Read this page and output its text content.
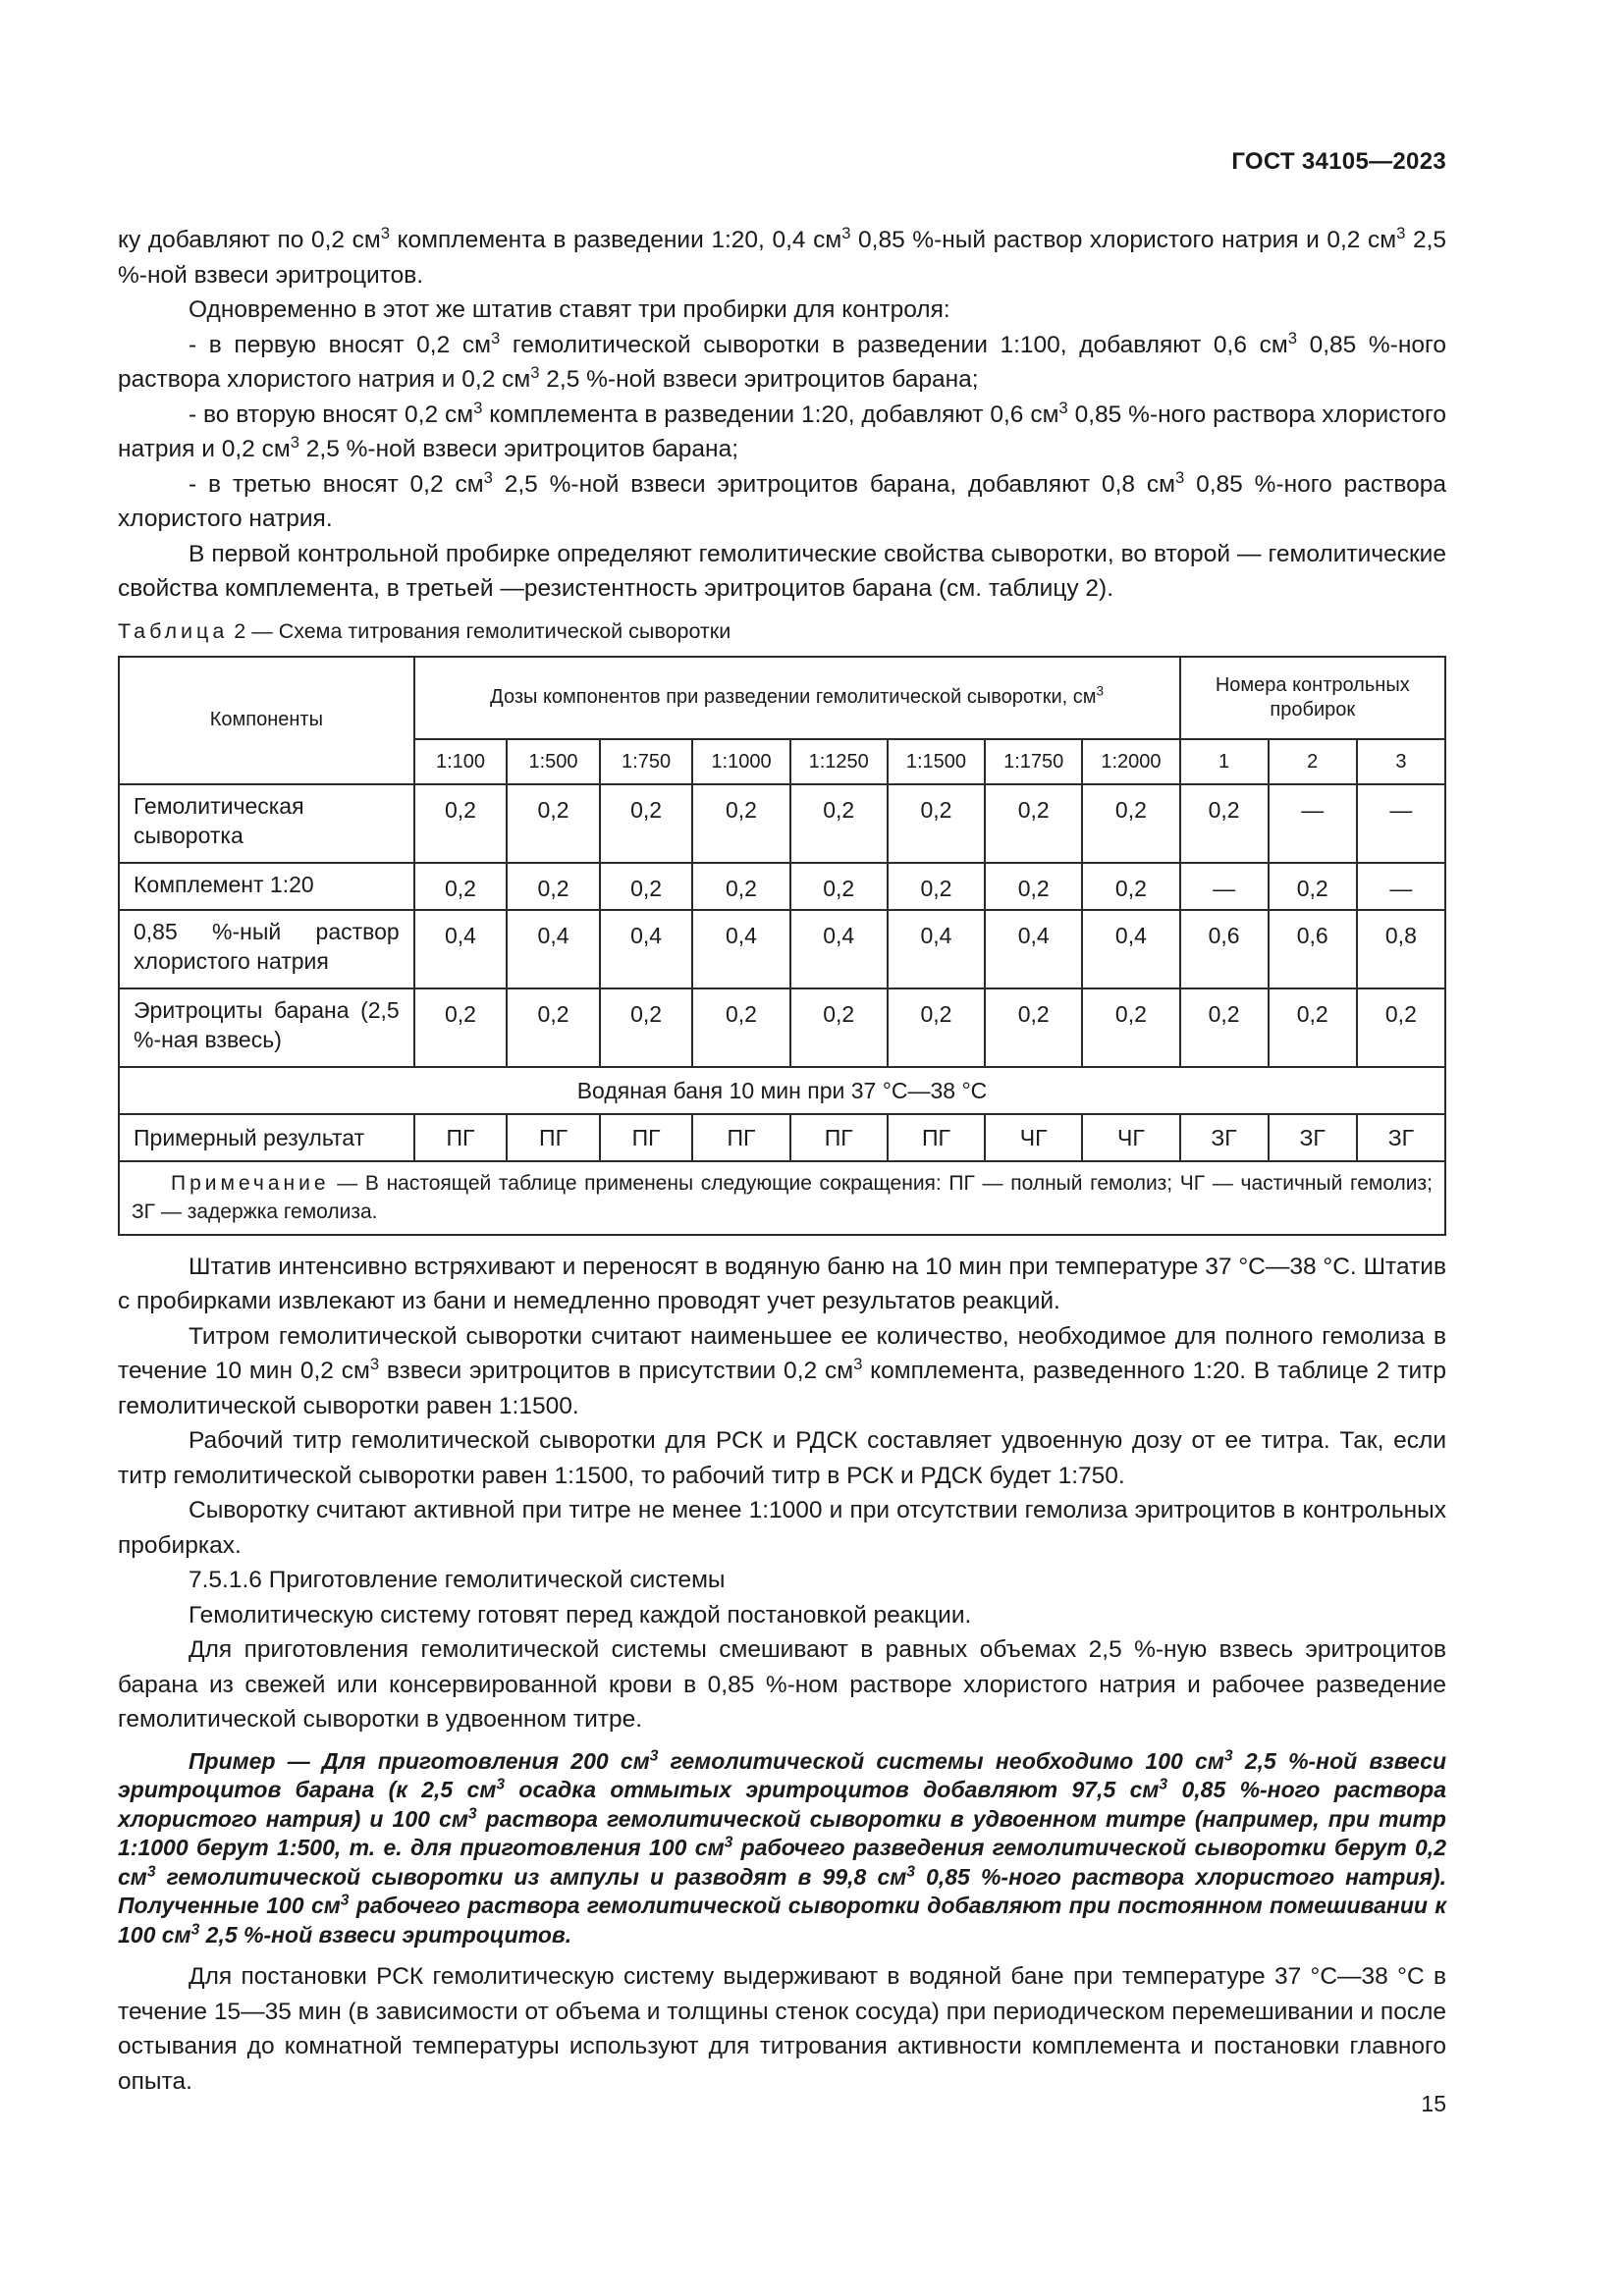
ГОСТ 34105—2023

ку добавляют по 0,2 $см^3$ комплемента в разведении 1:20, 0,4 $см^3$ 0,85 %-ный раствор хлористого натрия и 0,2 $см^3$ 2,5 %-ной взвеси эритроцитов.

Одновременно в этот же штатив ставят три пробирки для контроля:

- в первую вносят 0,2 $см^3$ гемолитической сыворотки в разведении 1:100, добавляют 0,6 $см^3$ 0,85 %-ного раствора хлористого натрия и 0,2 $см^3$ 2,5 %-ной взвеси эритроцитов барана;

- во вторую вносят 0,2 $см^3$ комплемента в разведении 1:20, добавляют 0,6 $см^3$ 0,85 %-ного раствора хлористого натрия и 0,2 $см^3$ 2,5 %-ной взвеси эритроцитов барана;

- в третью вносят 0,2 $см^3$ 2,5 %-ной взвеси эритроцитов барана, добавляют 0,8 $см^3$ 0,85 %-ного раствора хлористого натрия.

В первой контрольной пробирке определяют гемолитические свойства сыворотки, во второй — гемолитические свойства комплемента, в третьей —резистентность эритроцитов барана (см. таблицу 2).

Таблица 2 — Схема титрования гемолитической сыворотки
Компоненты	Дозы компонентов при разведении гемолитической сыворотки, $см^3$								Номера контрольных пробирок		
	1:100	1:500	1:750	1:1000	1:1250	1:1500	1:1750	1:2000	1	2	3
Гемолитическая сыворотка	0,2	0,2	0,2	0,2	0,2	0,2	0,2	0,2	0,2	—	—
Комплемент 1:20	0,2	0,2	0,2	0,2	0,2	0,2	0,2	0,2	—	0,2	—
0,85 %-ный раствор хлористого натрия	0,4	0,4	0,4	0,4	0,4	0,4	0,4	0,4	0,6	0,6	0,8
Эритроциты барана (2,5 %-ная взвесь)	0,2	0,2	0,2	0,2	0,2	0,2	0,2	0,2	0,2	0,2	0,2
Водяная баня 10 мин при 37 °С—38 °С											
Примерный результат	ПГ	ПГ	ПГ	ПГ	ПГ	ПГ	ЧГ	ЧГ	ЗГ	ЗГ	ЗГ
Примечание — В настоящей таблице применены следующие сокращения: ПГ — полный гемолиз; ЧГ — частичный гемолиз; ЗГ — задержка гемолиза.											

Штатив интенсивно встряхивают и переносят в водяную баню на 10 мин при температуре 37 °С—38 °С. Штатив с пробирками извлекают из бани и немедленно проводят учет результатов реакций.

Титром гемолитической сыворотки считают наименьшее ее количество, необходимое для полного гемолиза в течение 10 мин 0,2 $см^3$ взвеси эритроцитов в присутствии 0,2 $см^3$ комплемента, разведенного 1:20. В таблице 2 титр гемолитической сыворотки равен 1:1500.

Рабочий титр гемолитической сыворотки для РСК и РДСК составляет удвоенную дозу от ее титра. Так, если титр гемолитической сыворотки равен 1:1500, то рабочий титр в РСК и РДСК будет 1:750.

Сыворотку считают активной при титре не менее 1:1000 и при отсутствии гемолиза эритроцитов в контрольных пробирках.

7.5.1.6 Приготовление гемолитической системы

Гемолитическую систему готовят перед каждой постановкой реакции.

Для приготовления гемолитической системы смешивают в равных объемах 2,5 %-ную взвесь эритроцитов барана из свежей или консервированной крови в 0,85 %-ном растворе хлористого натрия и рабочее разведение гемолитической сыворотки в удвоенном титре.

Пример — Для приготовления 200 $см^3$ гемолитической системы необходимо 100 $см^3$ 2,5 %-ной взвеси эритроцитов барана (к 2,5 $см^3$ осадка отмытых эритроцитов добавляют 97,5 $см^3$ 0,85 %-ного раствора хлористого натрия) и 100 $см^3$ раствора гемолитической сыворотки в удвоенном титре (например, при титр 1:1000 берут 1:500, т. е. для приготовления 100 $см^3$ рабочего разведения гемолитической сыворотки берут 0,2 $см^3$ гемолитической сыворотки из ампулы и разводят в 99,8 $см^3$ 0,85 %-ного раствора хлористого натрия). Полученные 100 $см^3$ рабочего раствора гемолитической сыворотки добавляют при постоянном помешивании к 100 $см^3$ 2,5 %-ной взвеси эритроцитов.

Для постановки РСК гемолитическую систему выдерживают в водяной бане при температуре 37 °С—38 °С в течение 15—35 мин (в зависимости от объема и толщины стенок сосуда) при периодическом перемешивании и после остывания до комнатной температуры используют для титрования активности комплемента и постановки главного опыта.

15
